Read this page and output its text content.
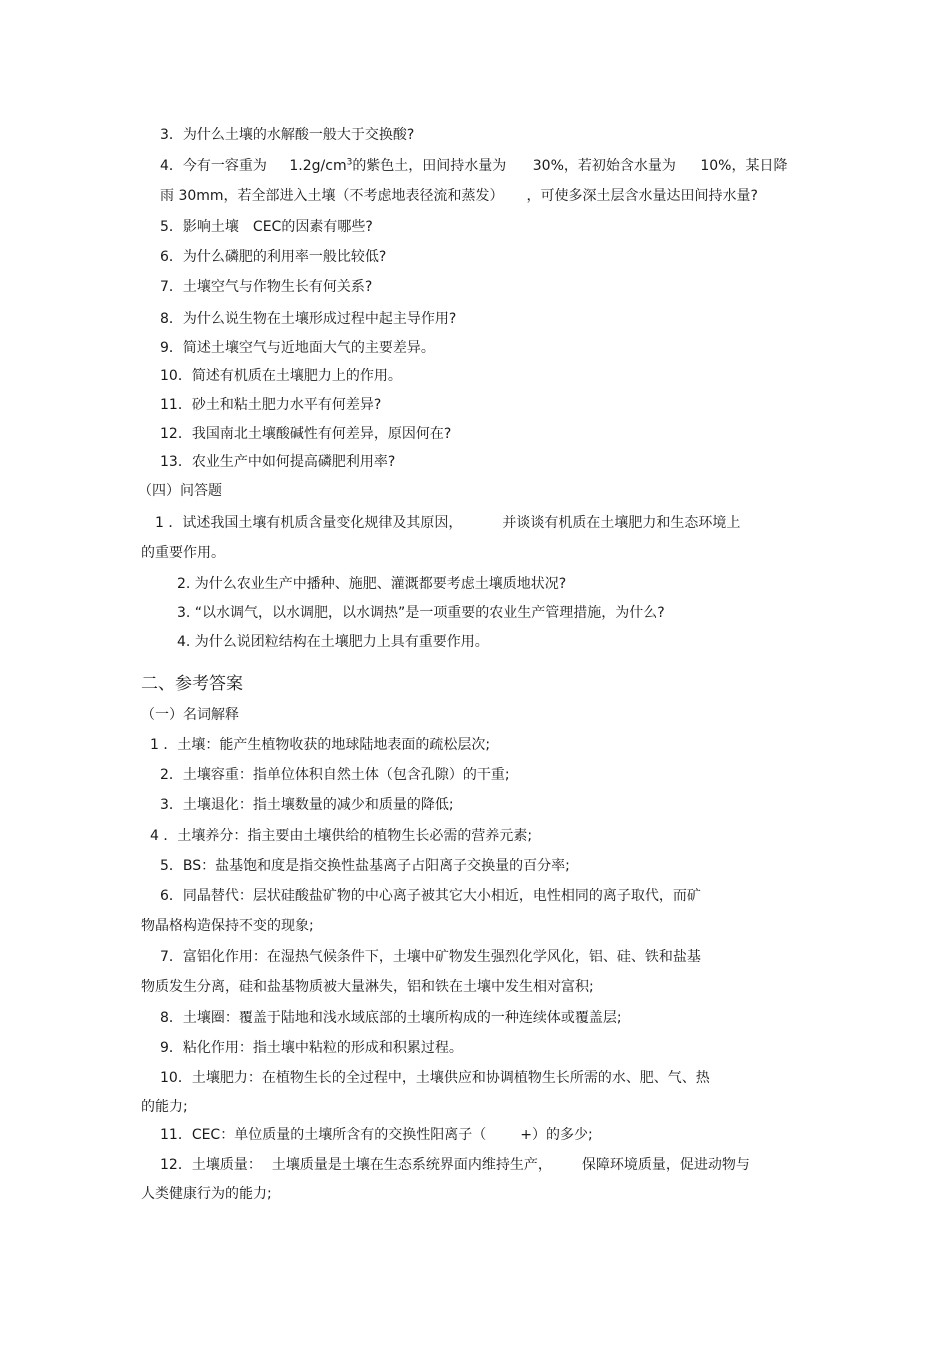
3．为什么土壤的水解酸一般大于交换酸?
4．今有一容重为 $1.2g/cm^3$的紫色土，田间持水量为 30%，若初始含水量为 10%，某日降
雨 30mm，若全部进入土壤（不考虑地表径流和蒸发） ，可使多深土层含水量达田间持水量?
5．影响土壤 CEC的因素有哪些?
6．为什么磷肥的利用率一般比较低?
7．土壤空气与作物生长有何关系?
8．为什么说生物在土壤形成过程中起主导作用?
9．简述土壤空气与近地面大气的主要差异。
10．简述有机质在土壤肥力上的作用。
11．砂土和粘土肥力水平有何差异?
12．我国南北土壤酸碱性有何差异，原因何在?
13．农业生产中如何提高磷肥利用率?
（四）问答题
1 ．试述我国土壤有机质含量变化规律及其原因，	并谈谈有机质在土壤肥力和生态环境上
的重要作用。
2. 为什么农业生产中播种、施肥、灌溉都要考虑土壤质地状况?
3. “以水调气，以水调肥，以水调热”是一项重要的农业生产管理措施，为什么?
4. 为什么说团粒结构在土壤肥力上具有重要作用。
二、参考答案
（一）名词解释
1 ．土壤：能产生植物收获的地球陆地表面的疏松层次;
2．土壤容重：指单位体积自然土体（包含孔隙）的干重;
3．土壤退化：指土壤数量的减少和质量的降低;
4 ．土壤养分：指主要由土壤供给的植物生长必需的营养元素;
5．BS：盐基饱和度是指交换性盐基离子占阳离子交换量的百分率;
6．同晶替代：层状硅酸盐矿物的中心离子被其它大小相近，电性相同的离子取代，而矿
物晶格构造保持不变的现象;
7．富铝化作用：在湿热气候条件下，土壤中矿物发生强烈化学风化，铝、硅、铁和盐基
物质发生分离，硅和盐基物质被大量淋失，铝和铁在土壤中发生相对富积;
8．土壤圈：覆盖于陆地和浅水域底部的土壤所构成的一种连续体或覆盖层;
9．粘化作用：指土壤中粘粒的形成和积累过程。
10．土壤肥力：在植物生长的全过程中，土壤供应和协调植物生长所需的水、肥、气、热
的能力;
11．CEC：单位质量的土壤所含有的交换性阳离子（ +）的多少;
12．土壤质量： 土壤质量是土壤在生态系统界面内维持生产， 保障环境质量，促进动物与
人类健康行为的能力;
